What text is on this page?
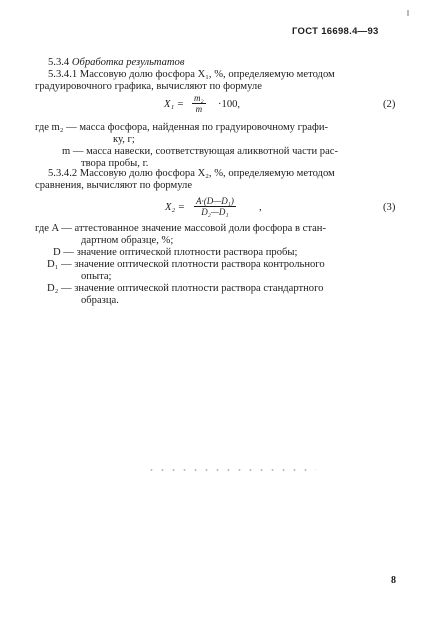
ГОСТ 16698.4—93
5.3.4 Обработка результатов
5.3.4.1 Массовую долю фосфора X₁, %, определяемую методом
градуировочного графика, вычисляют по формуле
$X_1 = \frac{\text{m₂}}{m} \cdot 100$,	(2)
где m₂ — масса фосфора, найденная по градуировочному графи-
ку, г;
m — масса навески, соответствующая аликвотной части рас-
твора пробы, г.
5.3.4.2 Массовую долю фосфора X₂, %, определяемую методом
сравнения, вычисляют по формуле
$X_2 = \frac{\text{A·(D—D₁)}}{\text{D₂—D₁}}$ ,	(3)
где A — аттестованное значение массовой доли фосфора в стан-
дартном образце, %;
D — значение оптической плотности раствора пробы;
D₁ — значение оптической плотности раствора контрольного
опыта;
D₂ — значение оптической плотности раствора стандартного
образца.
8
